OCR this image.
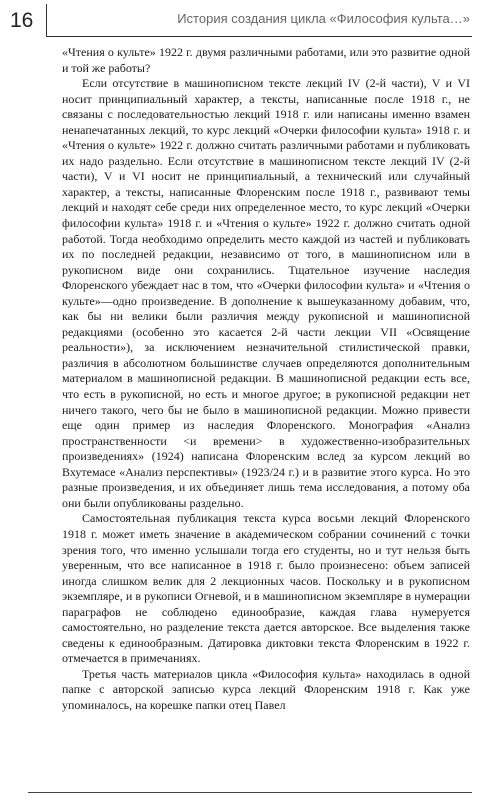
16	История создания цикла «Философия культа…»

«Чтения о культе» 1922 г. двумя различными работами, или это развитие одной и той же работы?

Если отсутствие в машинописном тексте лекций IV (2-й части), V и VI носит принципиальный характер, а тексты, написанные после 1918 г., не связаны с последовательностью лекций 1918 г. или написаны именно взамен ненапечатанных лекций, то курс лекций «Очерки философии культа» 1918 г. и «Чтения о культе» 1922 г. должно считать различными работами и публиковать их надо раздельно. Если отсутствие в машинописном тексте лекций IV (2-й части), V и VI носит не принципиальный, а технический или случайный характер, а тексты, написанные Флоренским после 1918 г., развивают темы лекций и находят себе среди них определенное место, то курс лекций «Очерки философии культа» 1918 г. и «Чтения о культе» 1922 г. должно считать одной работой. Тогда необходимо определить место каждой из частей и публиковать их по последней редакции, независимо от того, в машинописном или в рукописном виде они сохранились. Тщательное изучение наследия Флоренского убеждает нас в том, что «Очерки философии культа» и «Чтения о культе»—одно произведение. В дополнение к вышеуказанному добавим, что, как бы ни велики были различия между рукописной и машинописной редакциями (особенно это касается 2-й части лекции VII «Освящение реальности»), за исключением незначительной стилистической правки, различия в абсолютном большинстве случаев определяются дополнительным материалом в машинописной редакции. В машинописной редакции есть все, что есть в рукописной, но есть и многое другое; в рукописной редакции нет ничего такого, чего бы не было в машинописной редакции. Можно привести еще один пример из наследия Флоренского. Монография «Анализ пространственности <и времени> в художественно-изобразительных произведениях» (1924) написана Флоренским вслед за курсом лекций во Вхутемасе «Анализ перспективы» (1923/24 г.) и в развитие этого курса. Но это разные произведения, и их объединяет лишь тема исследования, а потому оба они были опубликованы раздельно.

Самостоятельная публикация текста курса восьми лекций Флоренского 1918 г. может иметь значение в академическом собрании сочинений с точки зрения того, что именно услышали тогда его студенты, но и тут нельзя быть уверенным, что все написанное в 1918 г. было произнесено: объем записей иногда слишком велик для 2 лекционных часов. Поскольку и в рукописном экземпляре, и в рукописи Огневой, и в машинописном экземпляре в нумерации параграфов не соблюдено единообразие, каждая глава нумеруется самостоятельно, но разделение текста дается авторское. Все выделения также сведены к единообразным. Датировка диктовки текста Флоренским в 1922 г. отмечается в примечаниях.

Третья часть материалов цикла «Философия культа» находилась в одной папке с авторской записью курса лекций Флоренским 1918 г. Как уже упоминалось, на корешке папки отец Павел
